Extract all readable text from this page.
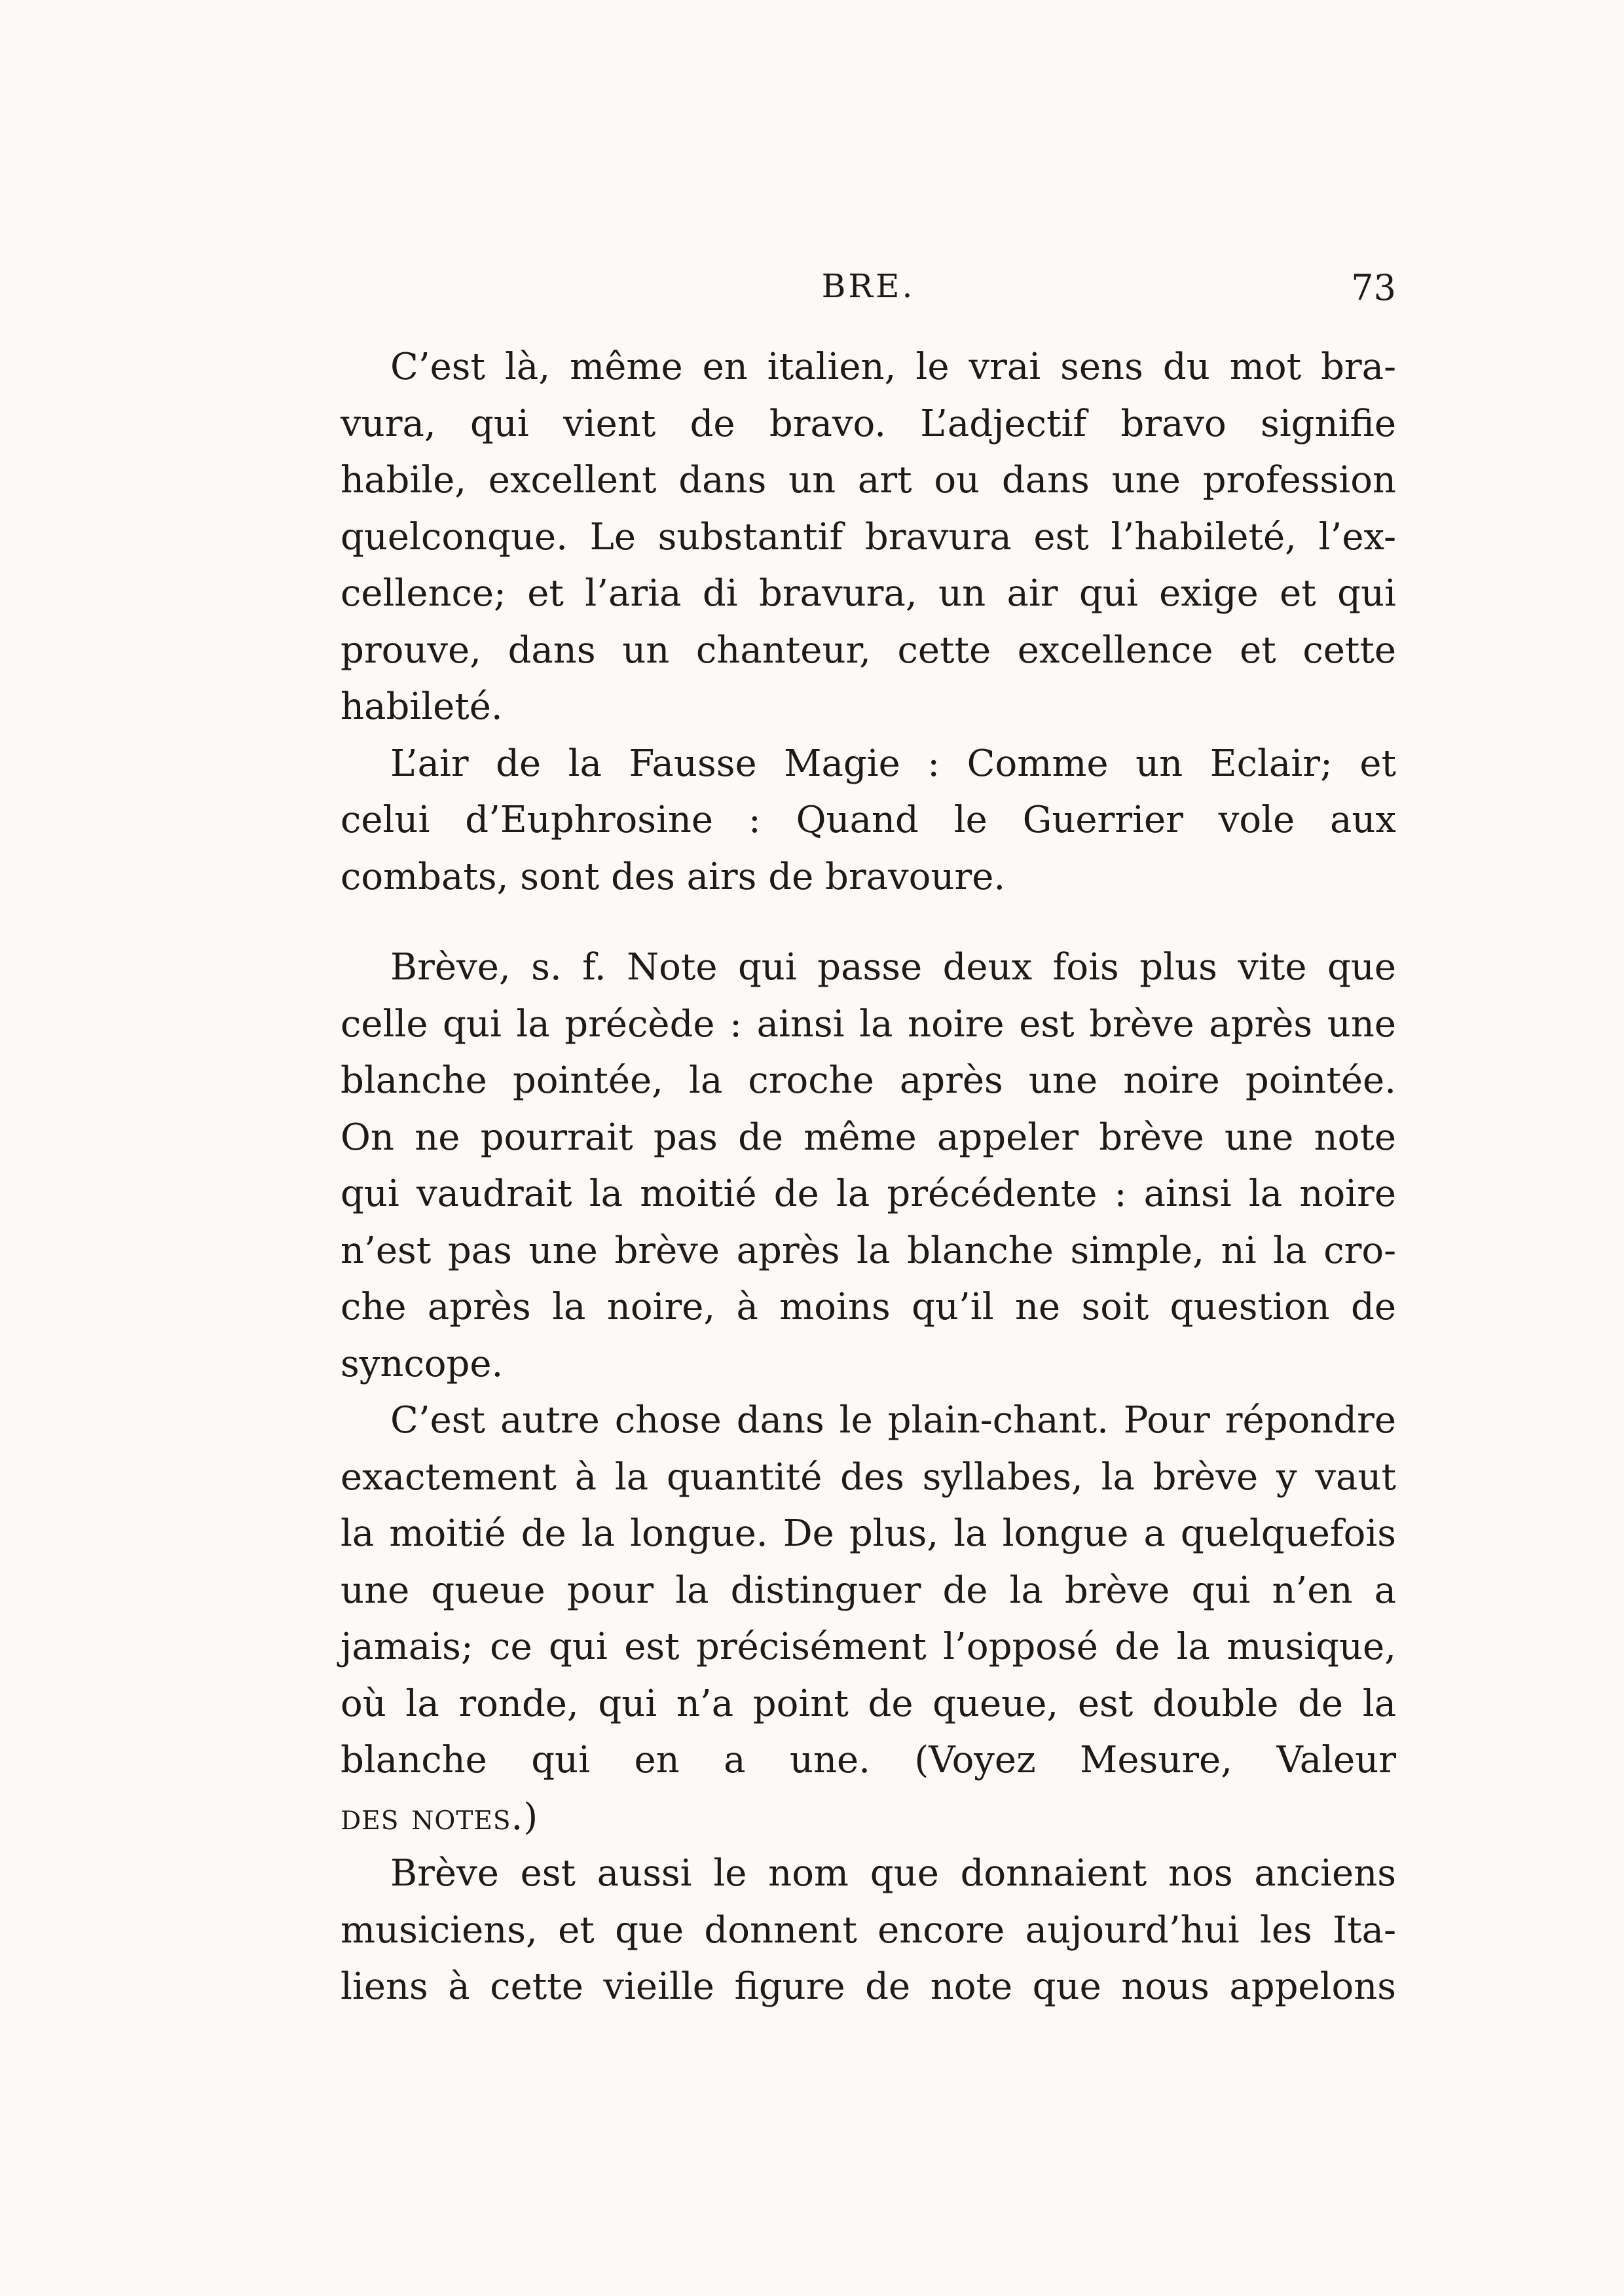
BRE.	73
C’est là, même en italien, le vrai sens du mot bra-
vura, qui vient de bravo. L’adjectif bravo signifie
habile, excellent dans un art ou dans une profession
quelconque. Le substantif bravura est l’habileté, l’ex-
cellence; et l’aria di bravura, un air qui exige et qui
prouve, dans un chanteur, cette excellence et cette
habileté.
L’air de la Fausse Magie : Comme un Eclair; et
celui d’Euphrosine : Quand le Guerrier vole aux
combats, sont des airs de bravoure.
Brève, s. f. Note qui passe deux fois plus vite que
celle qui la précède : ainsi la noire est brève après une
blanche pointée, la croche après une noire pointée.
On ne pourrait pas de même appeler brève une note
qui vaudrait la moitié de la précédente : ainsi la noire
n’est pas une brève après la blanche simple, ni la cro-
che après la noire, à moins qu’il ne soit question de
syncope.
C’est autre chose dans le plain-chant. Pour répondre
exactement à la quantité des syllabes, la brève y vaut
la moitié de la longue. De plus, la longue a quelquefois
une queue pour la distinguer de la brève qui n’en a
jamais; ce qui est précisément l’opposé de la musique,
où la ronde, qui n’a point de queue, est double de la
blanche qui en a une. (Voyez Mesure, Valeur
des notes.)
Brève est aussi le nom que donnaient nos anciens
musiciens, et que donnent encore aujourd’hui les Ita-
liens à cette vieille figure de note que nous appelons
